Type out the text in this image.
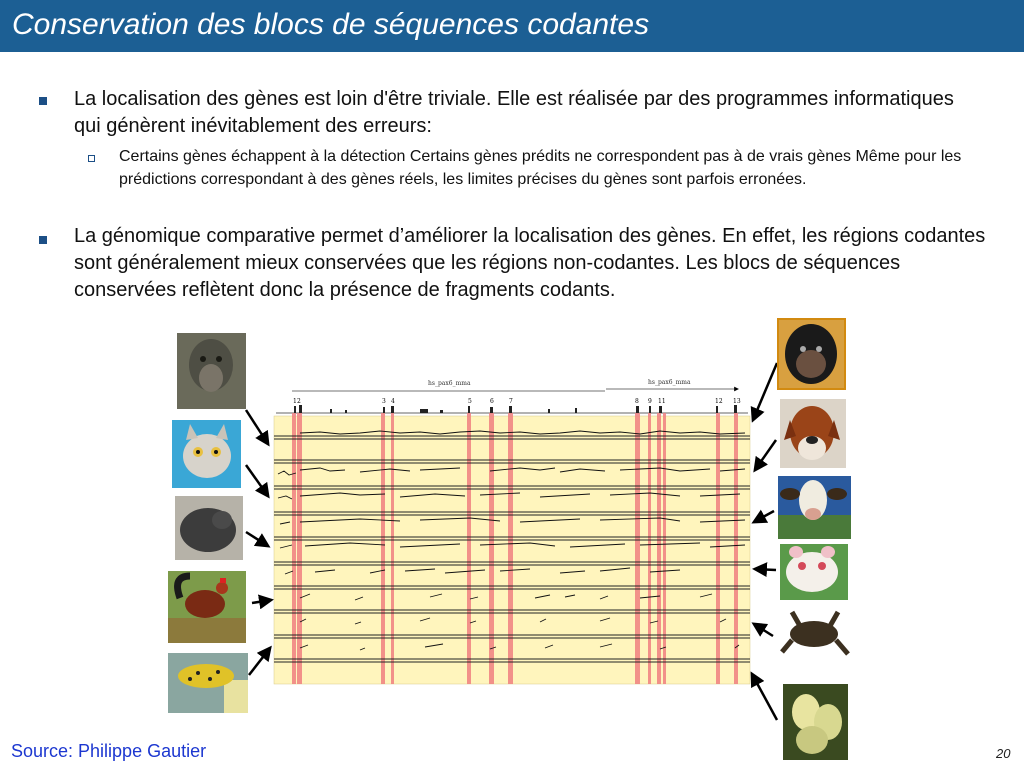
Conservation des blocs de séquences codantes
La localisation des gènes est loin d'être triviale. Elle est réalisée par des programmes informatiques qui génèrent inévitablement des erreurs:
Certains gènes échappent à la détection Certains gènes prédits ne correspondent pas à de vrais gènes Même pour les prédictions correspondant à des gènes réels, les limites précises du gènes sont parfois erronées.
La génomique comparative permet d’améliorer la localisation des gènes. En effet, les régions codantes sont généralement mieux conservées que les régions non-codantes. Les blocs de séquences conservées reflètent donc la présence de fragments codants.
hs_pax6_mma	hs_pax6_mma
1 2	3 4	5	6	7	8 9 11	12 13
Source: Philippe Gautier	20
